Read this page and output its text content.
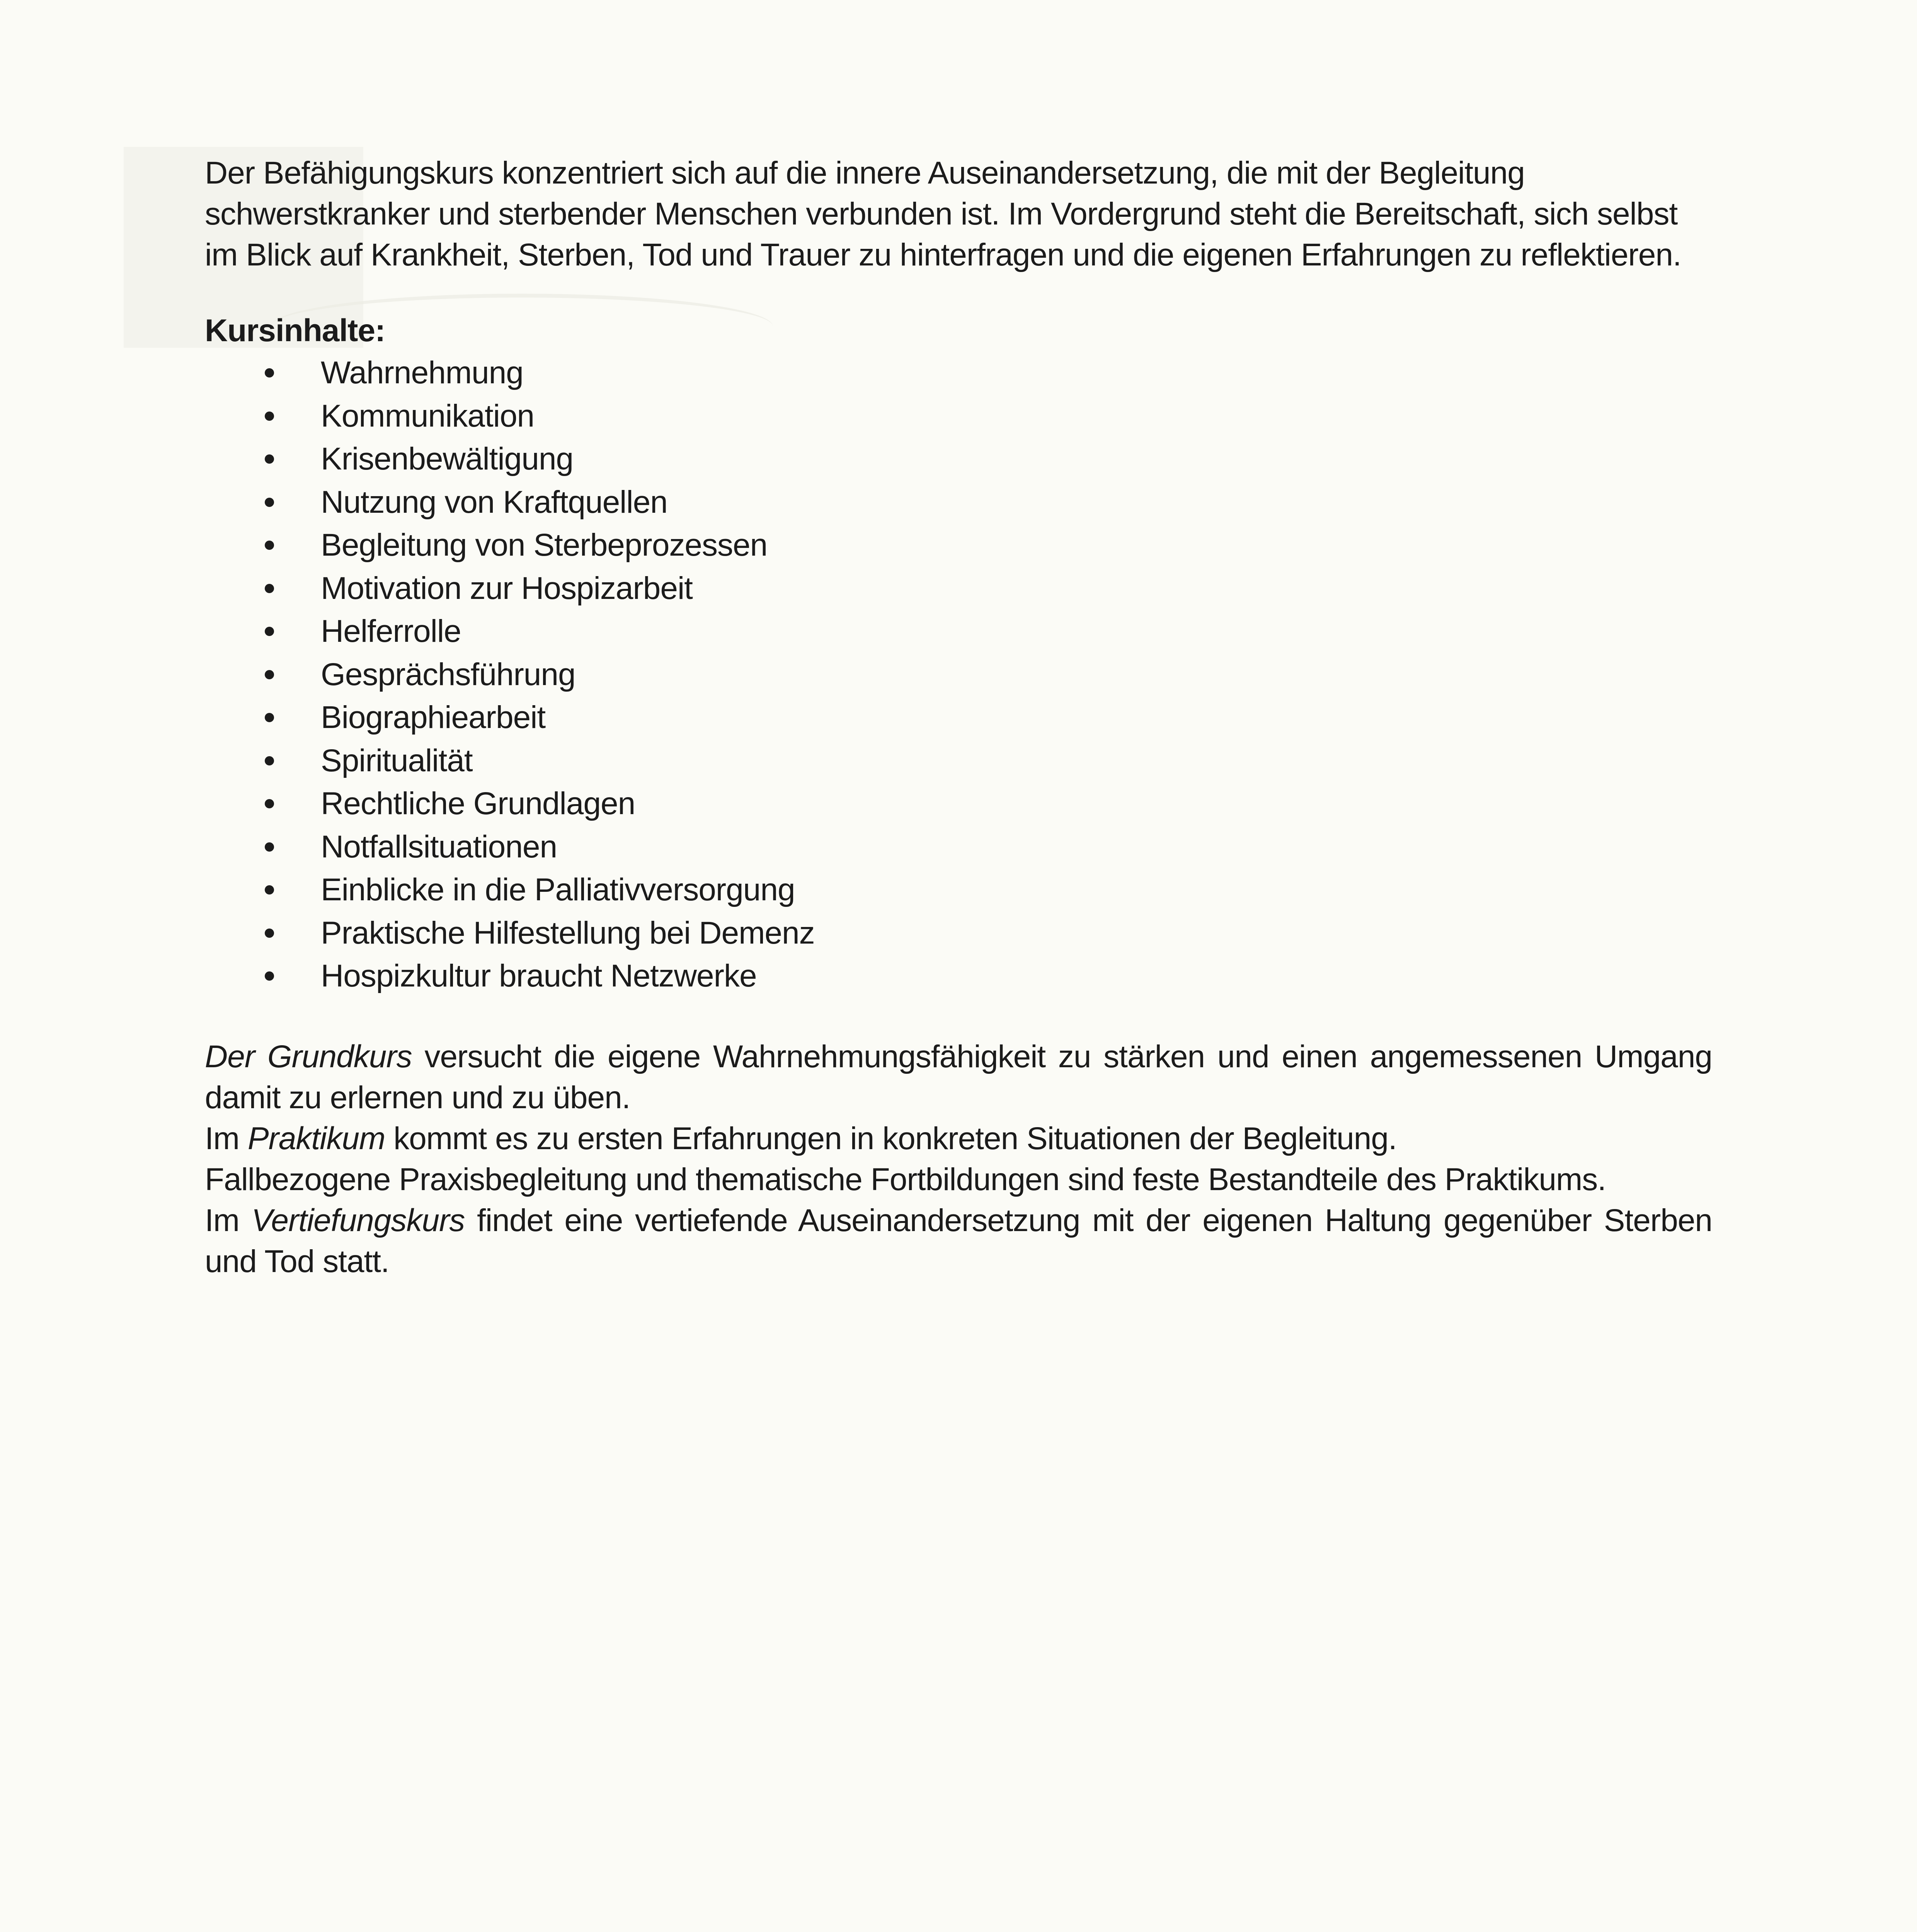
Der Befähigungskurs konzentriert sich auf die innere Auseinandersetzung, die mit der Begleitung schwerstkranker und sterbender Menschen verbunden ist. Im Vordergrund steht die Bereitschaft, sich selbst im Blick auf Krankheit, Sterben, Tod und Trauer zu hinterfragen und die eigenen Erfahrungen zu reflektieren.

Kursinhalte:
Wahrnehmung
Kommunikation
Krisenbewältigung
Nutzung von Kraftquellen
Begleitung von Sterbeprozessen
Motivation zur Hospizarbeit
Helferrolle
Gesprächsführung
Biographiearbeit
Spiritualität
Rechtliche Grundlagen
Notfallsituationen
Einblicke in die Palliativversorgung
Praktische Hilfestellung bei Demenz
Hospizkultur braucht Netzwerke

Der Grundkurs versucht die eigene Wahrnehmungsfähigkeit zu stärken und einen angemessenen Umgang damit zu erlernen und zu üben.

Im Praktikum kommt es zu ersten Erfahrungen in konkreten Situationen der Begleitung.

Fallbezogene Praxisbegleitung und thematische Fortbildungen sind feste Bestandteile des Praktikums.

Im Vertiefungskurs findet eine vertiefende Auseinandersetzung mit der eigenen Haltung gegenüber Sterben und Tod statt.
